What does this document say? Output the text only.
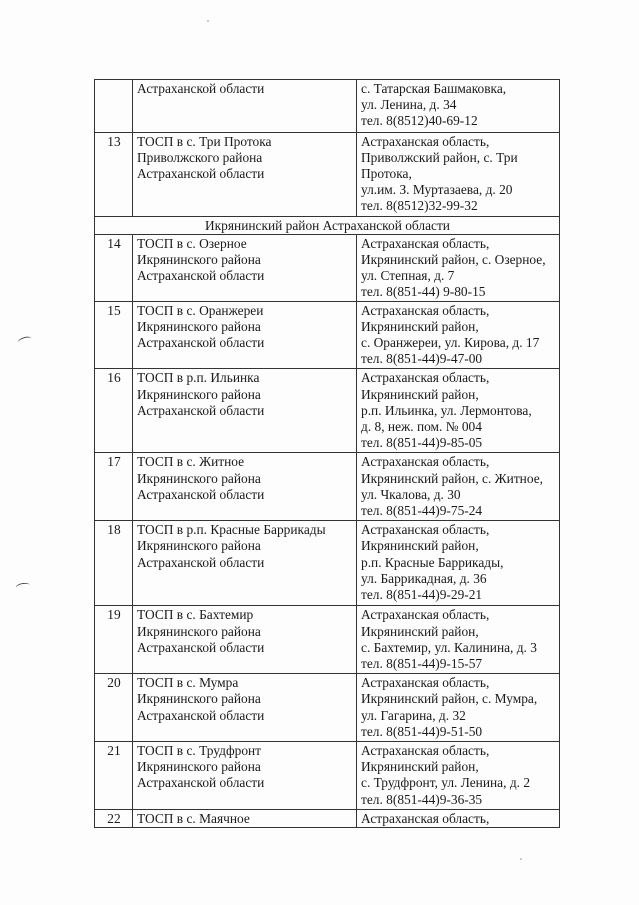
	Астраханской области	с. Татарская Башмаковка,
ул. Ленина, д. 34
тел. 8(8512)40-69-12

13	ТОСП в с. Три Протока
Приволжского района
Астраханской области	Астраханская область,
Приволжский район, с. Три
Протока,
ул.им. З. Муртазаева, д. 20
тел. 8(8512)32-99-32

Икрянинский район Астраханской области		
14	ТОСП в с. Озерное
Икрянинского района
Астраханской области	Астраханская область,
Икрянинский район, с. Озерное,
ул. Степная, д. 7
тел. 8(851-44) 9-80-15

15	ТОСП в с. Оранжереи
Икрянинского района
Астраханской области	Астраханская область,
Икрянинский район,
с. Оранжереи, ул. Кирова, д. 17
тел. 8(851-44)9-47-00

16	ТОСП в р.п. Ильинка
Икрянинского района
Астраханской области	Астраханская область,
Икрянинский район,
р.п. Ильинка, ул. Лермонтова,
д. 8, неж. пом. № 004
тел. 8(851-44)9-85-05

17	ТОСП в с. Житное
Икрянинского района
Астраханской области	Астраханская область,
Икрянинский район, с. Житное,
ул. Чкалова, д. 30
тел. 8(851-44)9-75-24

18	ТОСП в р.п. Красные Баррикады
Икрянинского района
Астраханской области	Астраханская область,
Икрянинский район,
р.п. Красные Баррикады,
ул. Баррикадная, д. 36
тел. 8(851-44)9-29-21

19	ТОСП в с. Бахтемир
Икрянинского района
Астраханской области	Астраханская область,
Икрянинский район,
с. Бахтемир, ул. Калинина, д. 3
тел. 8(851-44)9-15-57

20	ТОСП в с. Мумра
Икрянинского района
Астраханской области	Астраханская область,
Икрянинский район, с. Мумра,
ул. Гагарина, д. 32
тел. 8(851-44)9-51-50

21	ТОСП в с. Трудфронт
Икрянинского района
Астраханской области	Астраханская область,
Икрянинский район,
с. Трудфронт, ул. Ленина, д. 2
тел. 8(851-44)9-36-35

22	ТОСП в с. Маячное	Астраханская область,
